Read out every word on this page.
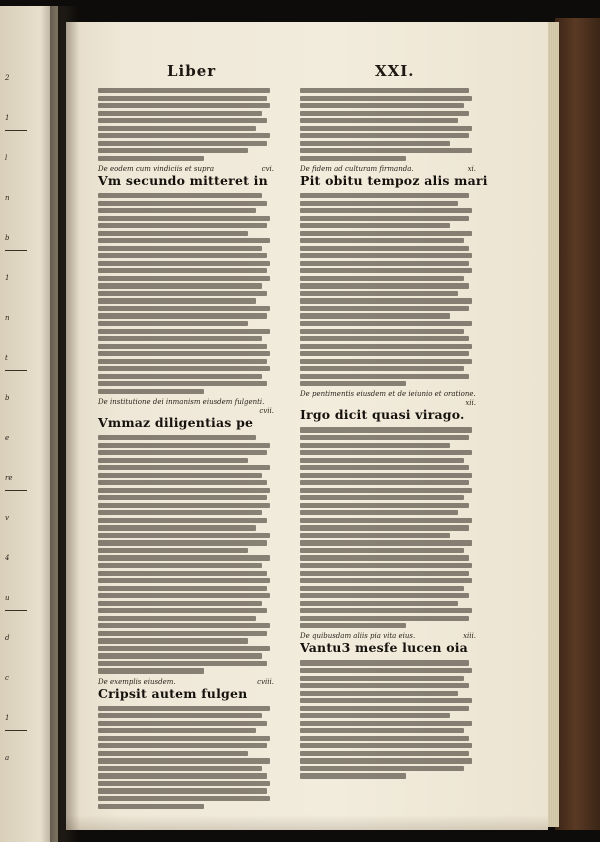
2
1
l
n
b
1
n
t
b
e
re
v
4
u
d
c
1
a
Liber	XXI.
De eodem cum vindiciis et supra	cvi.
Vm secundo mitteret in
De institutione dei inmanism eiusdem fulgenti.
cvii.
Vmmaz diligentias pe
De exemplis eiusdem.	cviii.
Cripsit autem fulgen
De fidem ad culturam firmanda.	xi.
Pit obitu tempoz alis mari
De pentimentis eiusdem et de ieiunio et oratione.
xii.
Irgo dicit quasi virago.
De quibusdam aliis pia vita eius.	xiii.
Vantu3 mesfe lucen oia
